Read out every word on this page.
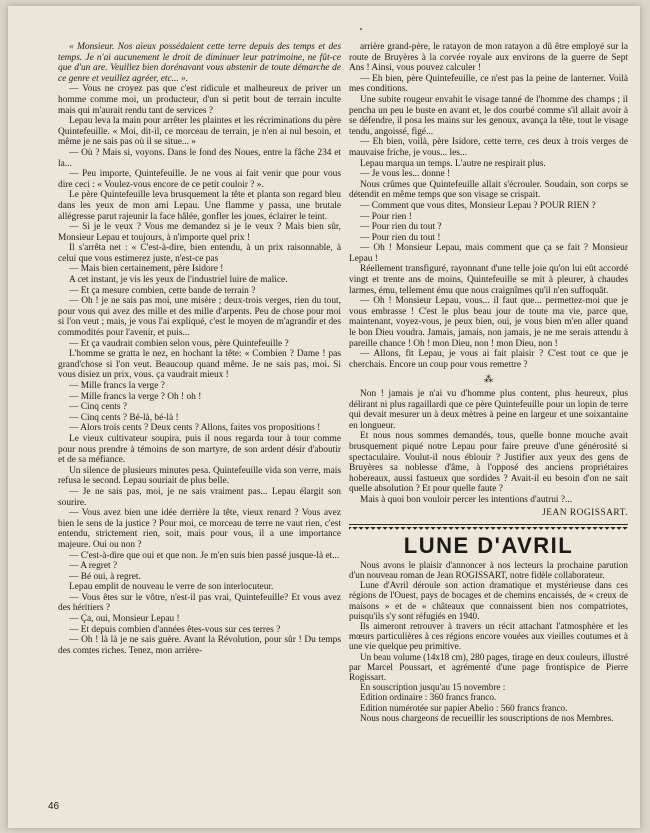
« Monsieur. Nos aïeux possédaient cette terre depuis des temps et des temps. Je n'ai aucunement le droit de diminuer leur patrimoine, ne fût-ce que d'un are. Veuillez bien dorénavant vous abstenir de toute démarche de ce genre et veuillez agréer, etc... ».

— Vous ne croyez pas que c'est ridicule et malheureux de priver un homme comme moi, un producteur, d'un si petit bout de terrain inculte mais qui m'aurait rendu tant de services ?

Lepau leva la main pour arrêter les plaintes et les récriminations du père Quintefeuille. « Moi, dit-il, ce morceau de terrain, je n'en ai nul besoin, et même je ne sais pas où il se situe... »

— Où ? Mais si, voyons. Dans le fond des Noues, entre la fâche 234 et la...

— Peu importe, Quintefeuille. Je ne vous ai fait venir que pour vous dire ceci : « Voulez-vous encore de ce petit couloir ? ».

Le père Quintefeuille leva brusquement la tête et planta son regard bleu dans les yeux de mon ami Lepau. Une flamme y passa, une brutale allégresse parut rajeunir la face hâlée, gonfler les joues, éclairer le teint.

— Si je le veux ? Vous me demandez si je le veux ? Mais bien sûr, Monsieur Lepau et toujours, à n'importe quel prix !

Il s'arrêta net : « C'est-à-dire, bien entendu, à un prix raisonnable, à celui que vous estimerez juste, n'est-ce pas

— Mais bien certainement, père Isidore !

A cet instant, je vis les yeux de l'industriel luire de malice.

— Et ça mesure combien, cette bande de terrain ?

— Oh ! je ne sais pas moi, une misère ; deux-trois verges, rien du tout, pour vous qui avez des mille et des mille d'arpents. Peu de chose pour moi si l'on veut ; mais, je vous l'ai expliqué, c'est le moyen de m'agrandir et des commodités pour l'avenir, et puis...

— Et ça vaudrait combien selon vous, père Quintefeuille ?

L'homme se gratta le nez, en hochant la tête: « Combien ? Dame ! pas grand'chose si l'on veut. Beaucoup quand même. Je ne sais pas, moi. Si vous disiez un prix, vous. ça vaudrait mieux !

— Mille francs la verge ?

— Mille francs la verge ? Oh ! oh !

— Cinq cents ?

— Cinq cents ? Bé-là, bé-là !

— Alors trois cents ? Deux cents ? Allons, faites vos propositions !

Le vieux cultivateur soupira, puis il nous regarda tour à tour comme pour nous prendre à témoins de son martyre, de son ardent désir d'aboutir et de sa méfiance.

Un silence de plusieurs minutes pesa. Quintefeuille vida son verre, mais refusa le second. Lepau souriait de plus belle.

— Je ne sais pas, moi, je ne sais vraiment pas... Lepau élargit son sourire.

— Vous avez bien une idée derrière la tête, vieux renard ? Vous avez bien le sens de la justice ? Pour moi, ce morceau de terre ne vaut rien, c'est entendu, strictement rien, soit, mais pour vous, il a une importance majeure. Oui ou non ?

— C'est-à-dire que oui et que non. Je m'en suis bien passé jusque-là et...

— A regret ?

— Bé oui, à regret.

Lepau emplit de nouveau le verre de son interlocuteur.

— Vous êtes sur le vôtre, n'est-il pas vrai, Quintefeuille? Et vous avez des héritiers ?

— Ça, oui, Monsieur Lepau !

— Et depuis combien d'années êtes-vous sur ces terres ?

— Oh ! là là je ne sais guère. Avant la Révolution, pour sûr ! Du temps des comtes riches. Tenez, mon arrière-

arrière grand-père, le ratayon de mon ratayon a dû être employé sur la route de Bruyères à la corvée royale aux environs de la guerre de Sept Ans ! Ainsi, vous pouvez calculer !

— Eh bien, père Quintefeuille, ce n'est pas la peine de lanterner. Voilà mes conditions.

Une subite rougeur envahit le visage tanné de l'homme des champs ; il pencha un peu le buste en avant et, le dos courbé comme s'il allait avoir à se défendre, il posa les mains sur les genoux, avança la tête, tout le visage tendu, angoissé, figé...

— Eh bien, voilà, père Isidore, cette terre, ces deux à trois verges de mauvaise friche, je vous... les...

Lepau marqua un temps. L'autre ne respirait plus.

— Je vous les... donne !

Nous crûmes que Quintefeuille allait s'écrouler. Soudain, son corps se détendit en même temps que son visage se crispait.

— Comment que vous dites, Monsieur Lepau ? POUR RIEN ?

— Pour rien !

— Pour rien du tout ?

— Pour rien du tout !

— Oh ! Monsieur Lepau, mais comment que ça se fait ? Monsieur Lepau !

Réellement transfiguré, rayonnant d'une telle joie qu'on lui eût accordé vingt et trente ans de moins, Quintefeuille se mit à pleurer, à chaudes larmes, ému, tellement ému que nous craignîmes qu'il n'en suffoquât.

— Oh ! Monsieur Lepau, vous... il faut que... permettez-moi que je vous embrasse ! C'est le plus beau jour de toute ma vie, parce que, maintenant, voyez-vous, je peux bien, oui, je vous bien m'en aller quand le bon Dieu voudra. Jamais, jamais, non jamais, je ne me serais attendu à pareille chance ! Oh ! mon Dieu, non ! mon Dieu, non !

— Allons, fit Lepau, je vous ai fait plaisir ? C'est tout ce que je cherchais. Encore un coup pour vous remettre ?

⁂

Non ! jamais je n'ai vu d'homme plus content, plus heureux, plus délirant ni plus ragaillardi que ce père Quintefeuille pour un lopin de terre qui devait mesurer un à deux mètres à peine en largeur et une soixantaine en longueur.

Et nous nous sommes demandés, tous, quelle bonne mouche avait brusquement piqué notre Lepau pour faire preuve d'une générosité si spectaculaire. Voulut-il nous éblouir ? Justifier aux yeux des gens de Bruyères sa noblesse d'âme, à l'opposé des anciens propriétaires hobereaux, aussi fastueux que sordides ? Avait-il eu besoin d'on ne sait quelle absolution ? Et pour quelle faute ?

Mais à quoi bon vouloir percer les intentions d'autrui ?...

JEAN ROGISSART.
LUNE D'AVRIL

Nous avons le plaisir d'annoncer à nos lecteurs la prochaine parution d'un nouveau roman de Jean ROGISSART, notre fidèle collaborateur.

Lune d'Avril déroule son action dramatique et mystérieuse dans ces régions de l'Ouest, pays de bocages et de chemins encaissés, de « creux de maisons » et de « châteaux que connaissent bien nos compatriotes, puisqu'ils s'y sont réfugiés en 1940.

Ils aimeront retrouver à travers un récit attachant l'atmosphère et les mœurs particulières à ces régions encore vouées aux vieilles coutumes et à une vie quelque peu primitive.

Un beau volume (14x18 cm), 280 pages, tirage en deux couleurs, illustré par Marcel Poussart, et agrémenté d'une page frontispice de Pierre Rogissart.

En souscription jusqu'au 15 novembre :

Edition ordinaire : 360 francs franco.

Edition numérotée sur papier Abelio : 560 francs franco.

Nous nous chargeons de recueillir les souscriptions de nos Membres.

46
